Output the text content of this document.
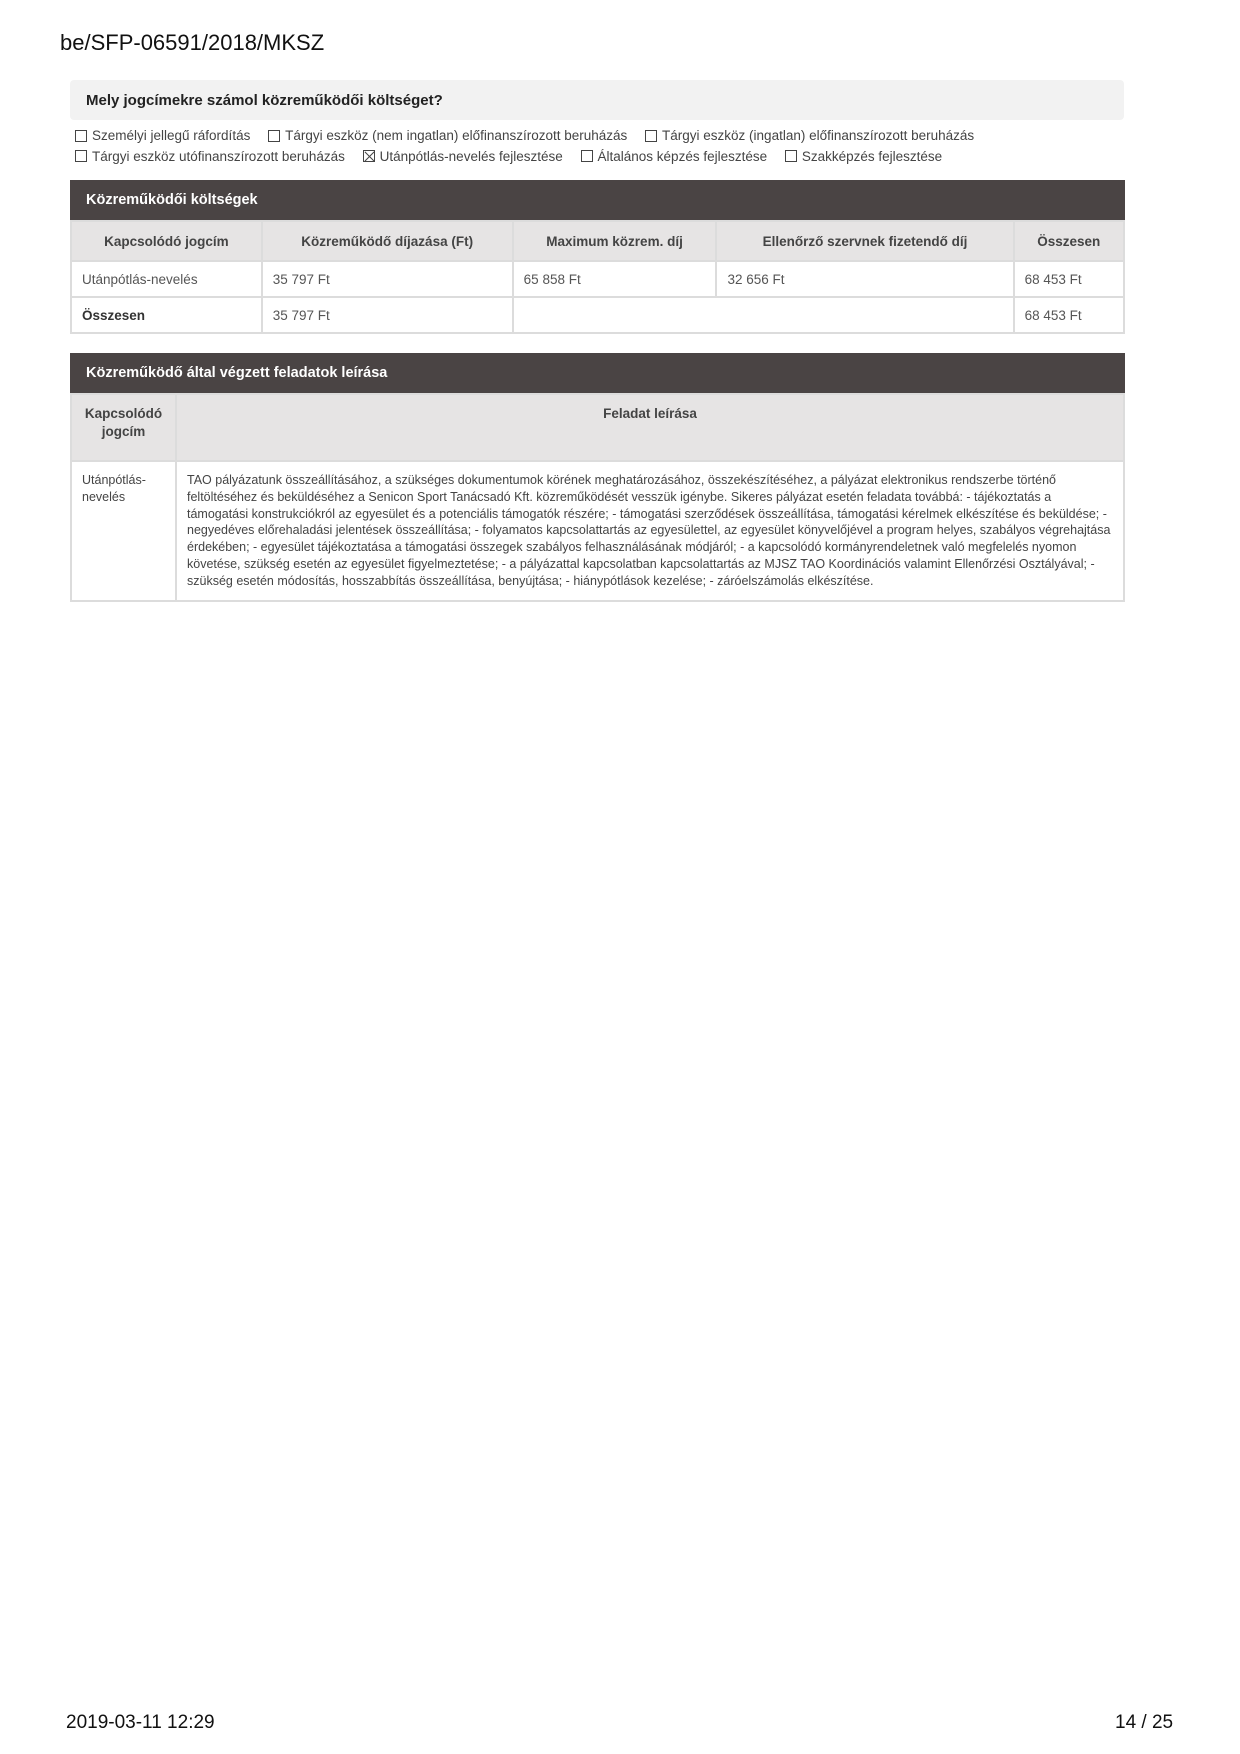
be/SFP-06591/2018/MKSZ
Mely jogcímekre számol közreműködői költséget?
Személyi jellegű ráfordítás
	Tárgyi eszköz (nem ingatlan) előfinanszírozott beruházás
	Tárgyi eszköz (ingatlan) előfinanszírozott beruházás
Tárgyi eszköz utófinanszírozott beruházás
	Utánpótlás-nevelés fejlesztése
	Általános képzés fejlesztése
	Szakképzés fejlesztése
Közreműködői költségek
Kapcsolódó jogcím	Közreműködő díjazása (Ft)	Maximum közrem. díj	Ellenőrző szervnek fizetendő díj	Összesen
Utánpótlás-nevelés	35 797 Ft	65 858 Ft	32 656 Ft	68 453 Ft
Összesen	35 797 Ft			68 453 Ft
Közreműködő által végzett feladatok leírása
Kapcsolódó jogcím	Feladat leírása
Utánpótlás-nevelés	TAO pályázatunk összeállításához, a szükséges dokumentumok körének meghatározásához, összekészítéséhez, a pályázat elektronikus rendszerbe történő feltöltéséhez és beküldéséhez a Senicon Sport Tanácsadó Kft. közreműködését vesszük igénybe. Sikeres pályázat esetén feladata továbbá: - tájékoztatás a támogatási konstrukciókról az egyesület és a potenciális támogatók részére; - támogatási szerződések összeállítása, támogatási kérelmek elkészítése és beküldése; - negyedéves előrehaladási jelentések összeállítása; - folyamatos kapcsolattartás az egyesülettel, az egyesület könyvelőjével a program helyes, szabályos végrehajtása érdekében; - egyesület tájékoztatása a támogatási összegek szabályos felhasználásának módjáról; - a kapcsolódó kormányrendeletnek való megfelelés nyomon követése, szükség esetén az egyesület figyelmeztetése; - a pályázattal kapcsolatban kapcsolattartás az MJSZ TAO Koordinációs valamint Ellenőrzési Osztályával; - szükség esetén módosítás, hosszabbítás összeállítása, benyújtása; - hiánypótlások kezelése; - záróelszámolás elkészítése.
2019-03-11 12:29	14 / 25
